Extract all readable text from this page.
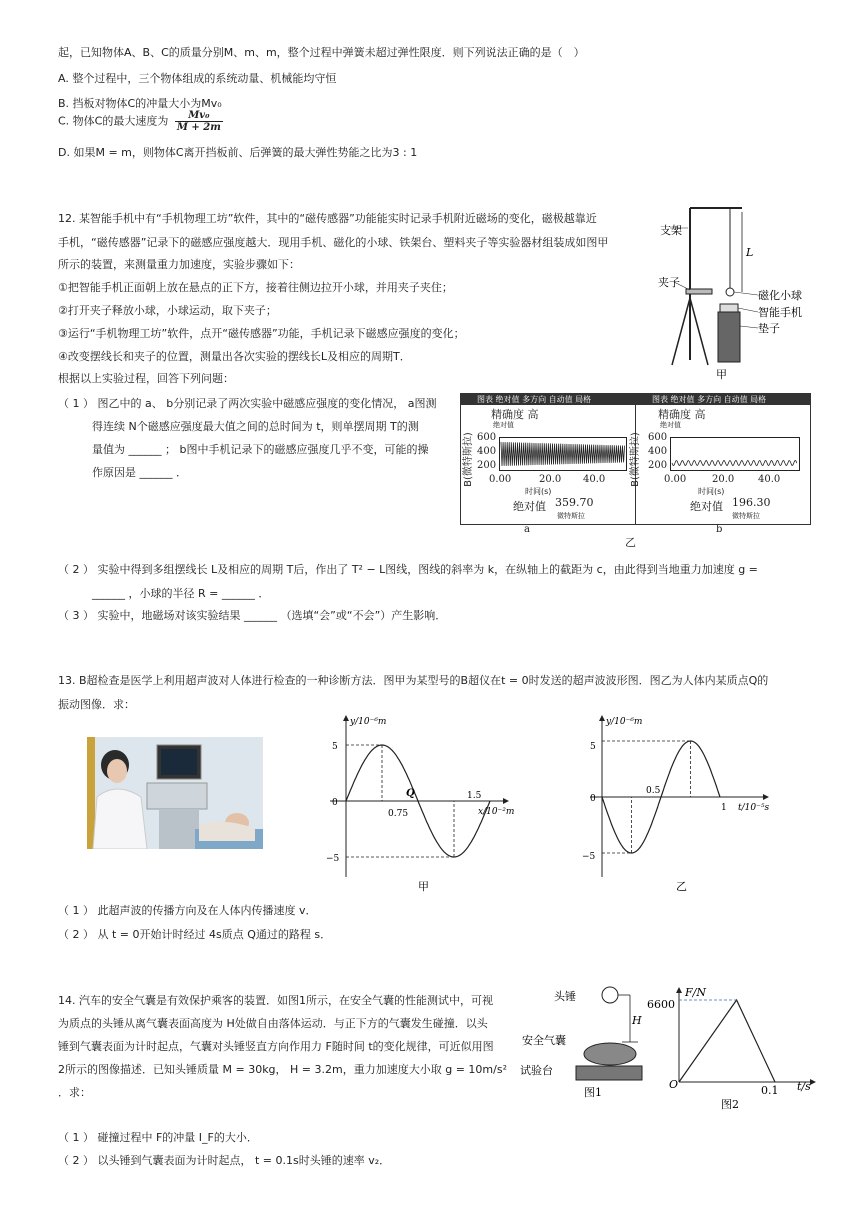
起，已知物体A、B、C的质量分别M、m、m，整个过程中弹簧未超过弹性限度．则下列说法正确的是（　）
A. 整个过程中，三个物体组成的系统动量、机械能均守恒
B. 挡板对物体C的冲量大小为Mv₀
C. 物体C的最大速度为 $\frac{\text{Mv₀}}{M + 2m}$
D. 如果M = m，则物体C离开挡板前、后弹簧的最大弹性势能之比为3 : 1
12. 某智能手机中有“手机物理工坊”软件，其中的“磁传感器”功能能实时记录手机附近磁场的变化，磁极越靠近
手机，“磁传感器”记录下的磁感应强度越大．现用手机、磁化的小球、铁架台、塑料夹子等实验器材组装成如图甲
所示的装置，来测量重力加速度，实验步骤如下：
①把智能手机正面朝上放在悬点的正下方，接着往侧边拉开小球，并用夹子夹住；
②打开夹子释放小球，小球运动，取下夹子；
③运行“手机物理工坊”软件，点开“磁传感器”功能，手机记录下磁感应强度的变化；
④改变摆线长和夹子的位置，测量出各次实验的摆线长L及相应的周期T．
根据以上实验过程，回答下列问题：
（ 1 ） 图乙中的 a、 b分别记录了两次实验中磁感应强度的变化情况， a图测
得连续 N个磁感应强度最大值之间的总时间为 t，则单摆周期 T的测
量值为 ______ ； b图中手机记录下的磁感应强度几乎不变，可能的操
作原因是 ______ ．
（ 2 ） 实验中得到多组摆线长 L及相应的周期 T后，作出了 T² − L图线，图线的斜率为 k，在纵轴上的截距为 c，由此得到当地重力加速度 g =
______ ，小球的半径 R = ______ ．
（ 3 ） 实验中，地磁场对该实验结果 ______ （选填“会”或“不会”）产生影响．
支架
夹子
磁化小球
智能手机
垫子
L
甲
图表 绝对值 多方向 自动值 局格
精确度 高
绝对值
B(微特斯拉) 600
400
200
0.00	20.0 40.0
时间(s)
绝对值 359.70
微特斯拉
图表 绝对值 多方向 自动值 局格
精确度 高
绝对值
B(微特斯拉) 600
400
200
0.00	20.0 40.0
时间(s)
绝对值 196.30
微特斯拉
a	b
乙
13. B超检查是医学上利用超声波对人体进行检查的一种诊断方法．图甲为某型号的B超仪在t = 0时发送的超声波波形图．图乙为人体内某质点Q的
振动图像．求：
y/10⁻⁶m
x/10⁻²m
5
−5
0
Q
0.75
1.5
甲
y/10⁻⁶m
t/10⁻⁵s
5
−5
0
0.5
1
乙
（ 1 ） 此超声波的传播方向及在人体内传播速度 v．
（ 2 ） 从 t = 0开始计时经过 4s质点 Q通过的路程 s．
14. 汽车的安全气囊是有效保护乘客的装置．如图1所示，在安全气囊的性能测试中，可视
为质点的头锤从离气囊表面高度为 H处做自由落体运动．与正下方的气囊发生碰撞．以头
锤到气囊表面为计时起点，气囊对头锤竖直方向作用力 F随时间 t的变化规律，可近似用图
2所示的图像描述．已知头锤质量 M = 30kg， H = 3.2m，重力加速度大小取 g = 10m/s²
．求：
（ 1 ） 碰撞过程中 F的冲量 I_F的大小．
（ 2 ） 以头锤到气囊表面为计时起点， t = 0.1s时头锤的速率 v₂．
头锤
H
安全气囊
试验台
图1
F/N
6600
O	0.1 t/s
图2
